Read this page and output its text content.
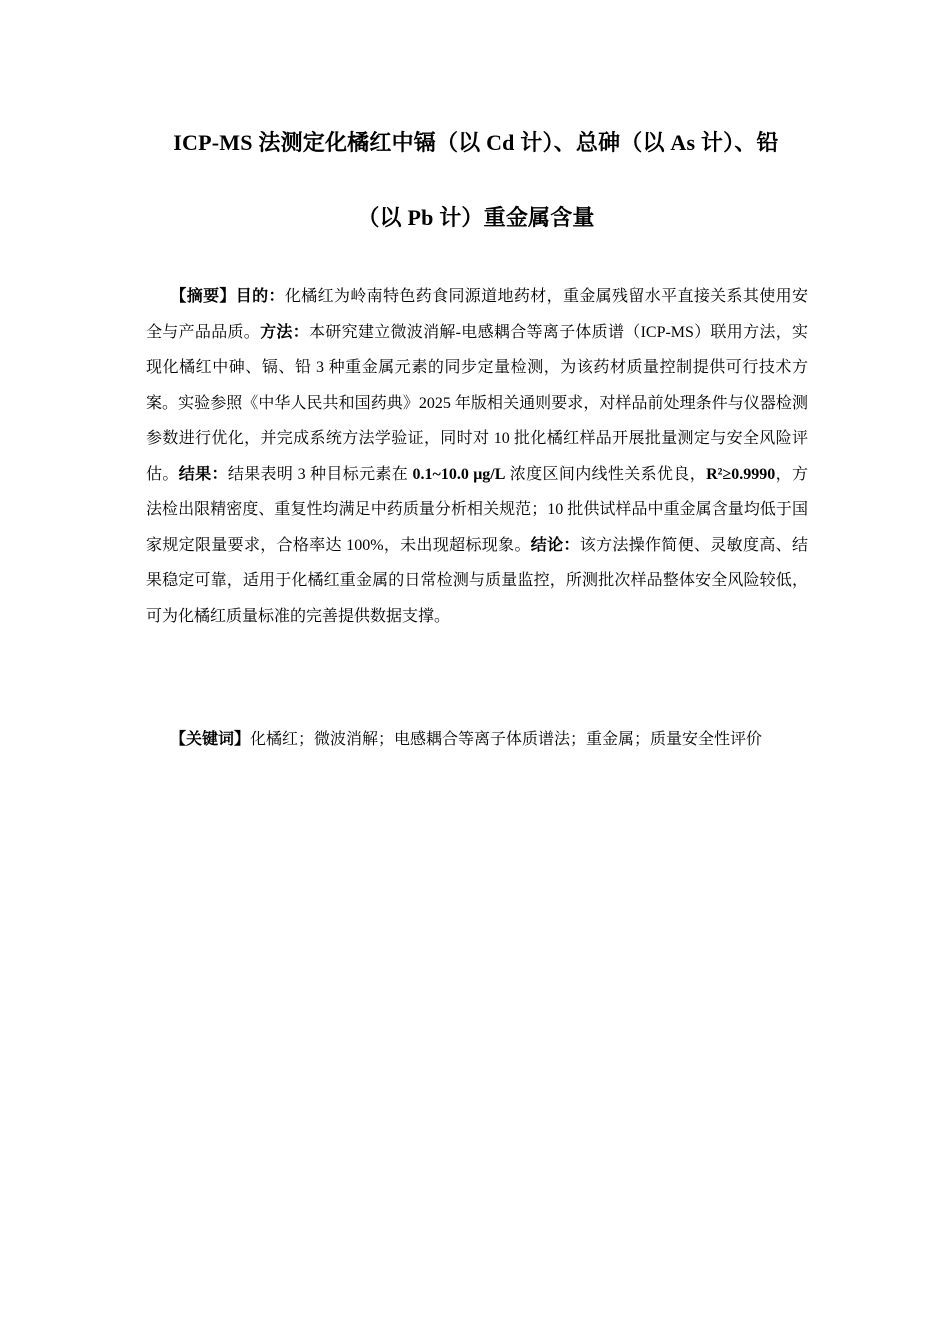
ICP-MS 法测定化橘红中镉（以 Cd 计）、总砷（以 As 计）、铅
（以 Pb 计）重金属含量
【摘要】目的：化橘红为岭南特色药食同源道地药材，重金属残留水平直接关系其使用安全与产品品质。方法：本研究建立微波消解-电感耦合等离子体质谱（ICP-MS）联用方法，实现化橘红中砷、镉、铅 3 种重金属元素的同步定量检测，为该药材质量控制提供可行技术方案。实验参照《中华人民共和国药典》2025 年版相关通则要求，对样品前处理条件与仪器检测参数进行优化，并完成系统方法学验证，同时对 10 批化橘红样品开展批量测定与安全风险评估。结果：结果表明 3 种目标元素在 0.1~10.0 μg/L 浓度区间内线性关系优良，R²≥0.9990，方法检出限精密度、重复性均满足中药质量分析相关规范；10 批供试样品中重金属含量均低于国家规定限量要求，合格率达 100%，未出现超标现象。结论：该方法操作简便、灵敏度高、结果稳定可靠，适用于化橘红重金属的日常检测与质量监控，所测批次样品整体安全风险较低，可为化橘红质量标准的完善提供数据支撑。
【关键词】化橘红；微波消解；电感耦合等离子体质谱法；重金属；质量安全性评价
